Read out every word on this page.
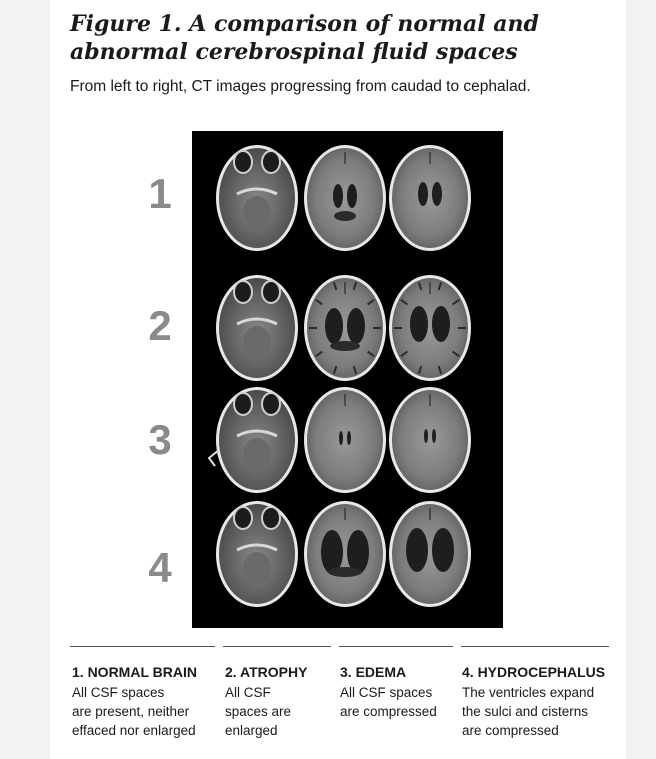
Figure 1. A comparison of normal and
abnormal cerebrospinal fluid spaces

From left to right, CT images progressing from caudad to cephalad.

1
2
3
4

1. NORMAL BRAIN

All CSF spaces

are present, neither

effaced nor enlarged

2. ATROPHY

All CSF

spaces are

enlarged

3. EDEMA

All CSF spaces

are compressed

4. HYDROCEPHALUS

The ventricles expand

the sulci and cisterns

are compressed
